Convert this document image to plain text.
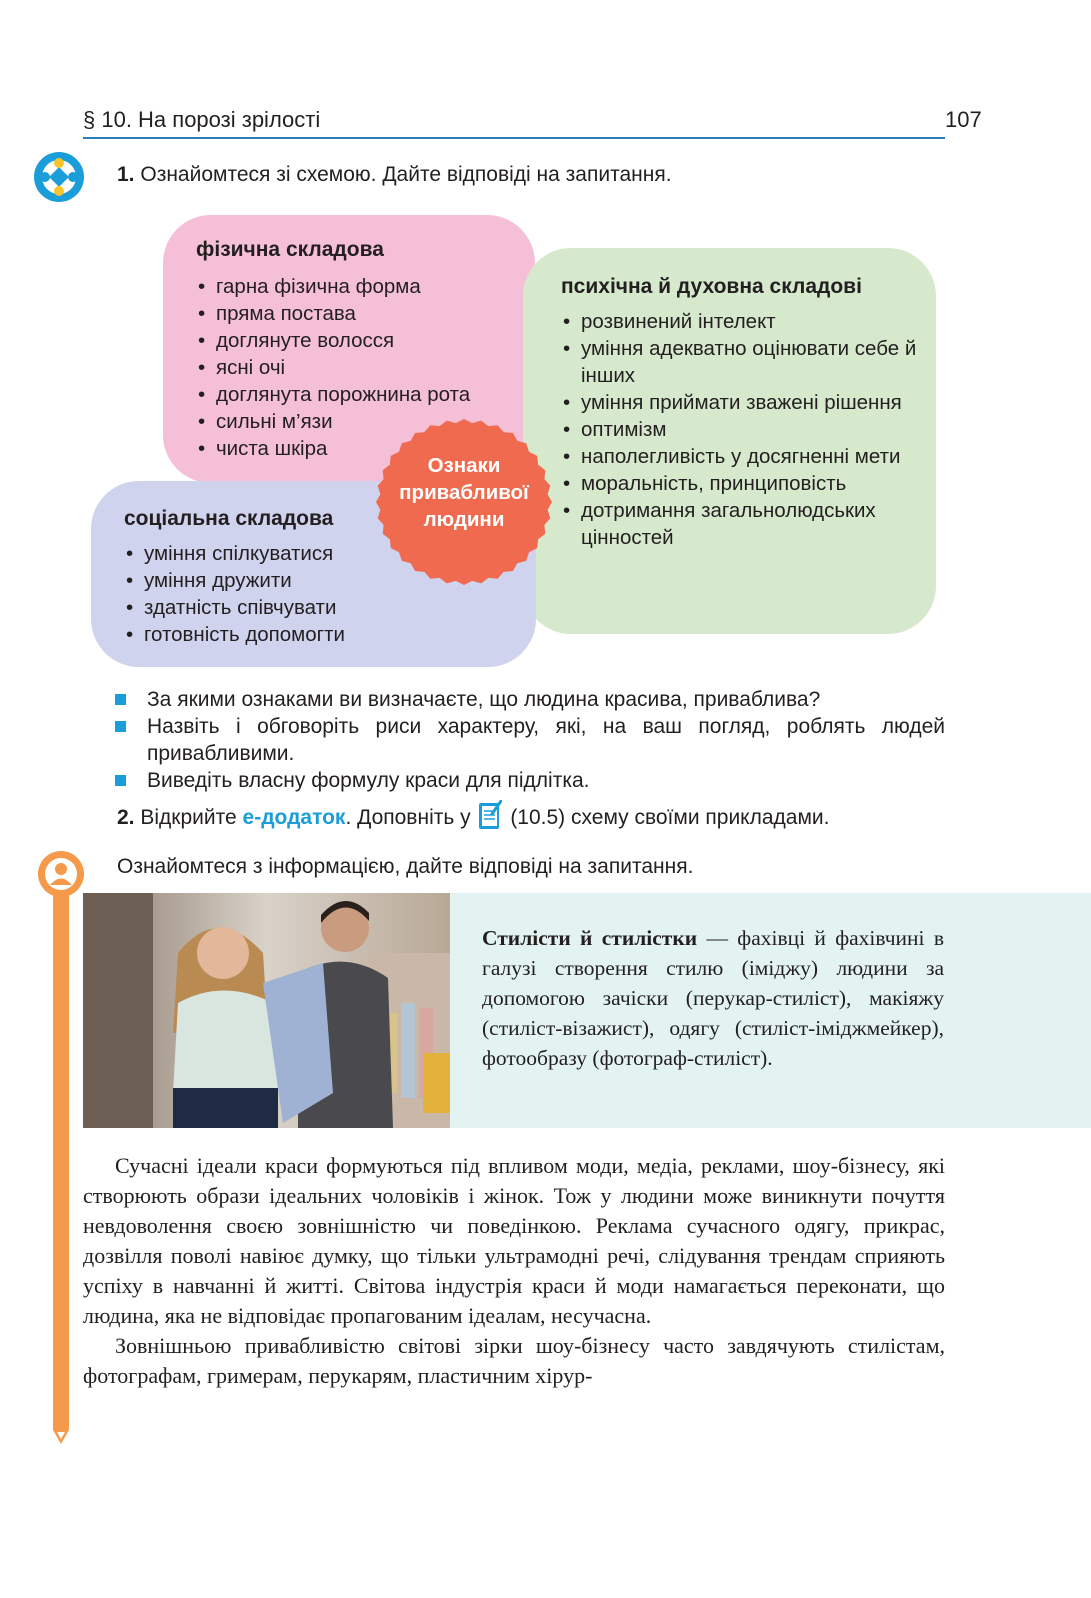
§ 10. На порозі зрілості	107
1. Ознайомтеся зі схемою. Дайте відповіді на запитання.
фізична складова
• гарна фізична форма
• пряма постава
• доглянуте волосся
• ясні очі
• доглянута порожнина рота
• сильні м’язи
• чиста шкіра
психічна й духовна складові
• розвинений інтелект
• уміння адекватно оцінювати себе й інших
• уміння приймати зважені рішення
• оптимізм
• наполегливість у досягненні мети
• моральність, принциповість
• дотримання загальнолюдських цінностей
соціальна складова
• уміння спілкуватися
• уміння дружити
• здатність співчувати
• готовність допомогти
Ознаки привабливої людини
За якими ознаками ви визначаєте, що людина красива, приваблива?
Назвіть і обговоріть риси характеру, які, на ваш погляд, роблять людей привабливими.
Виведіть власну формулу краси для підлітка.
2. Відкрийте е-додаток. Доповніть у (10.5) схему своїми прикладами.
Ознайомтеся з інформацією, дайте відповіді на запитання.
Стилісти й стилістки — фахівці й фахівчині в галузі створення стилю (іміджу) людини за допомогою зачіски (перукар-стиліст), макіяжу (стиліст-візажист), одягу (стиліст-іміджмейкер), фотообразу (фотограф-стиліст).

Сучасні ідеали краси формуються під впливом моди, медіа, реклами, шоу-бізнесу, які створюють образи ідеальних чоловіків і жінок. Тож у людини може виникнути почуття невдоволення своєю зовнішністю чи поведінкою. Реклама сучасного одягу, прикрас, дозвілля поволі навіює думку, що тільки ультрамодні речі, слідування трендам сприяють успіху в навчанні й житті. Світова індустрія краси й моди намагається переконати, що людина, яка не відповідає пропагованим ідеалам, несучасна.

Зовнішньою привабливістю світові зірки шоу-бізнесу часто завдячують стилістам, фотографам, гримерам, перукарям, пластичним хірур-
